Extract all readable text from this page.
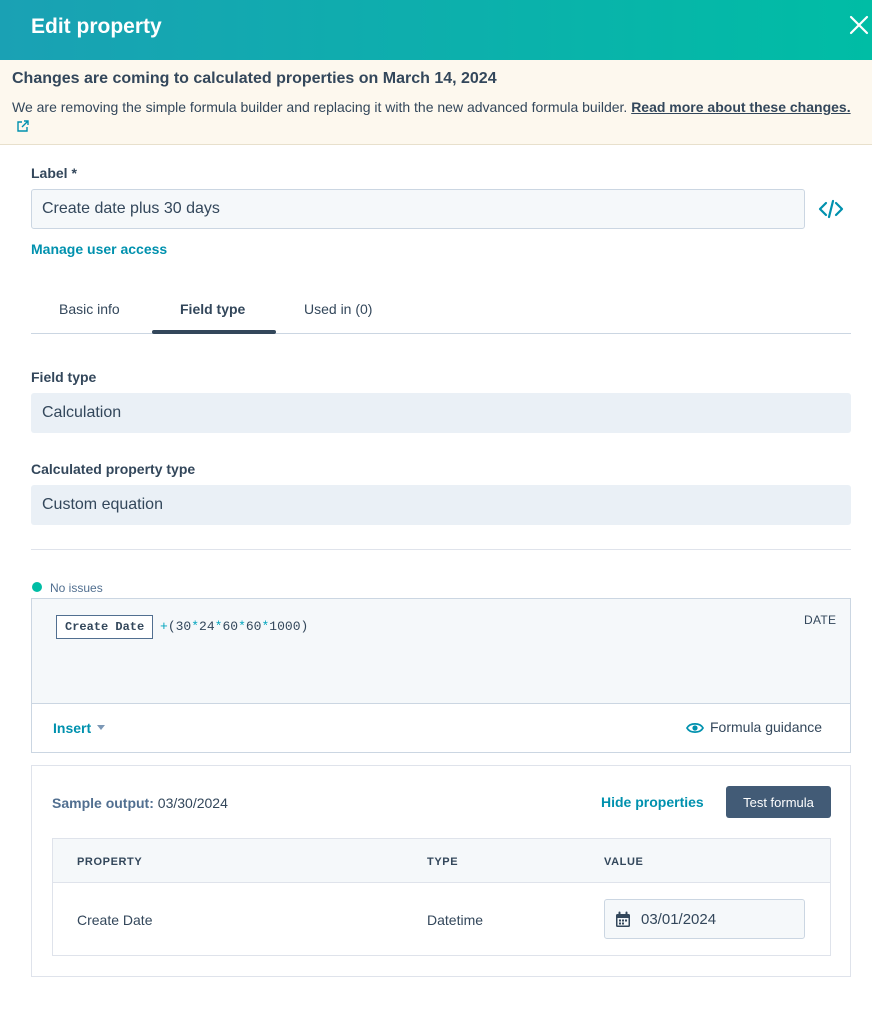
Edit property
Changes are coming to calculated properties on March 14, 2024
We are removing the simple formula builder and replacing it with the new advanced formula builder. Read more about these changes.
Label *
Create date plus 30 days
Manage user access
Basic info	Field type	Used in (0)
Field type
Calculation
Calculated property type
Custom equation
No issues
Create Date	+(30*24*60*60*1000)	DATE
Insert	Formula guidance
Sample output: 03/30/2024	Hide properties	Test formula
PROPERTY	TYPE	VALUE
Create Date	Datetime	03/01/2024
